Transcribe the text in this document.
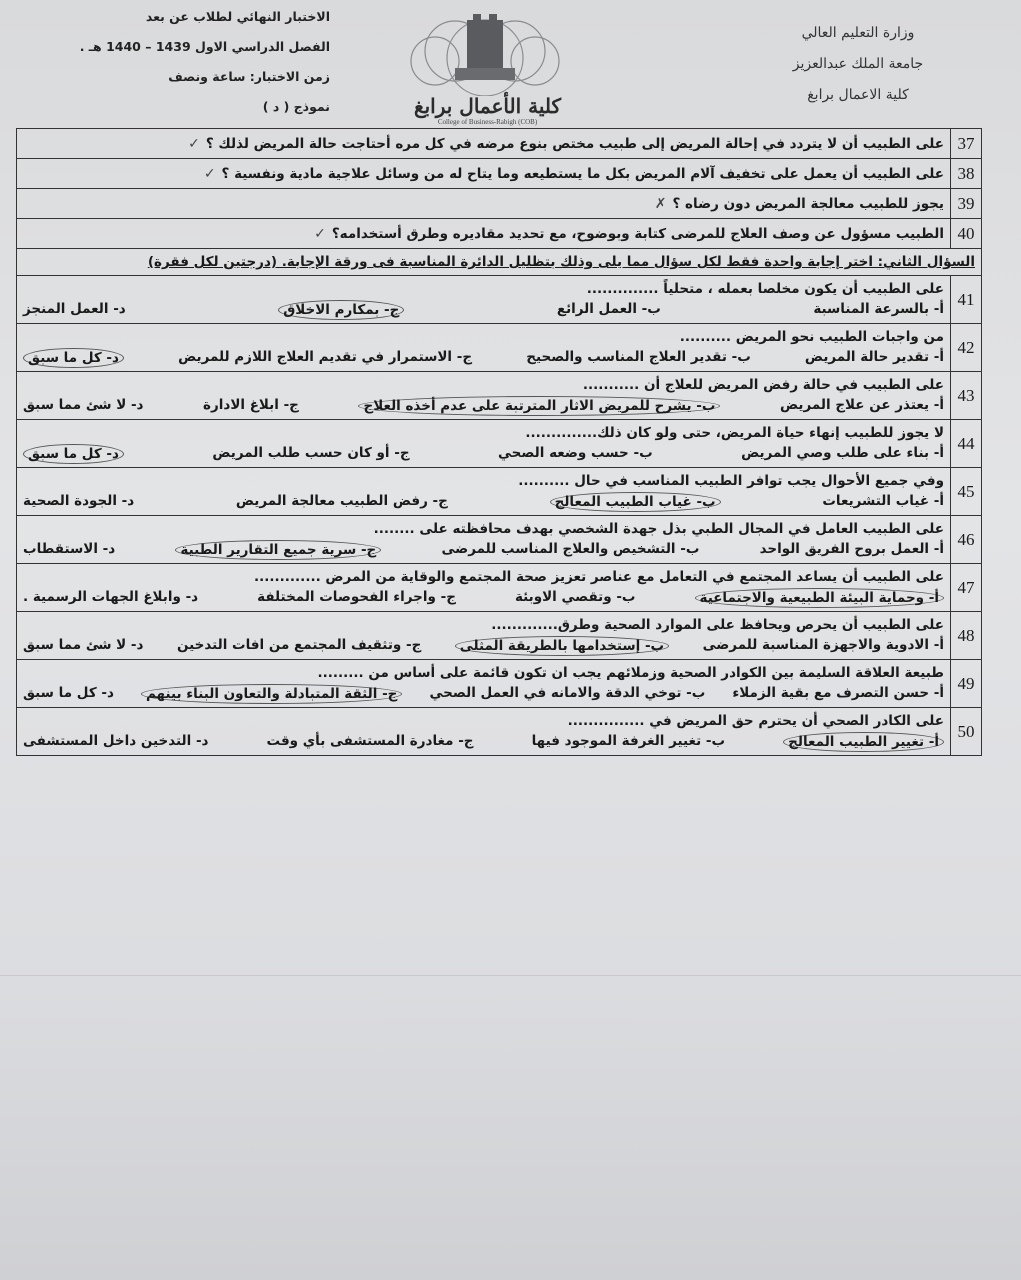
وزارة التعليم العالي
جامعة الملك عبدالعزيز
كلية الاعمال برابغ
كلية الأعمال برابغ
College of Business-Rabigh (COB)
الاختبار النهائي لطلاب عن بعد
الفصل الدراسي الاول 1439 – 1440 هـ .
زمن الاختبار: ساعة ونصف
نموذج ( د )
37	على الطبيب أن لا يتردد في إحالة المريض إلى طبيب مختص بنوع مرضه في كل مره أحتاجت حالة المريض لذلك ؟✓
38	على الطبيب أن يعمل على تخفيف آلام المريض بكل ما يستطيعه وما يتاح له من وسائل علاجية مادية ونفسية ؟✓
39	يجوز للطبيب معالجة المريض دون رضاه ؟✗
40	الطبيب مسؤول عن وصف العلاج للمرضى كتابة وبوضوح، مع تحديد مقاديره وطرق أستخدامه؟✓
السؤال الثاني: اختر إجابة واحدة فقط لكل سؤال مما يلى وذلك بتظليل الدائرة المناسبة فى ورقة الإجابة. (درجتين لكل فقرة)	
41	على الطبيب أن يكون مخلصا بعمله ، متحلياً ..............
أ- بالسرعة المناسبة
ب- العمل الرائع
ج- بمكارم الاخلاق
د- العمل المنجز

42	من واجبات الطبيب نحو المريض ..........
أ- تقدير حالة المريض
ب- تقدير العلاج المناسب والصحيح
ج- الاستمرار في تقديم العلاج اللازم للمريض
د- كل ما سبق

43	على الطبيب في حالة رفض المريض للعلاج أن ...........
أ- يعتذر عن علاج المريض
ب- يشرح للمريض الاثار المترتبة على عدم أخذه العلاج
ج- ابلاغ الادارة
د- لا شئ مما سبق

44	لا يجوز للطبيب إنهاء حياة المريض، حتى ولو كان ذلك..............
أ- بناء على طلب وصي المريض
ب- حسب وضعه الصحي
ج- أو كان حسب طلب المريض
د- كل ما سبق

45	وفي جميع الأحوال يجب توافر الطبيب المناسب في حال ..........
أ- غياب التشريعات
ب- غياب الطبيب المعالج
ج- رفض الطبيب معالجة المريض
د- الجودة الصحية

46	على الطبيب العامل في المجال الطبي بذل جهدة الشخصي بهدف محافظته على ........
أ- العمل بروح الفريق الواحد
ب- التشخيص والعلاج المناسب للمرضى
ج- سرية جميع التقارير الطبية
د- الاستقطاب

47	على الطبيب أن يساعد المجتمع في التعامل مع عناصر تعزيز صحة المجتمع والوقاية من المرض .............
أ- وحماية البيئة الطبيعية والاجتماعية
ب- وتقصي الاوبئة
ج- واجراء الفحوصات المختلفة
د- وابلاغ الجهات الرسمية .

48	على الطبيب أن يحرص ويحافظ على الموارد الصحية وطرق.............
أ- الادوية والاجهزة المناسبة للمرضى
ب- إستخدامها بالطريقة المثلى
ج- وتثقيف المجتمع من افات التدخين
د- لا شئ مما سبق

49	طبيعة العلاقة السليمة بين الكوادر الصحية وزملائهم يجب ان تكون قائمة على أساس من .........
أ- حسن التصرف مع بقية الزملاء
ب- توخي الدقة والامانه في العمل الصحي
ج- الثقة المتبادلة والتعاون البناء بينهم
د- كل ما سبق

50	على الكادر الصحي أن يحترم حق المريض في ...............
أ- تغيير الطبيب المعالج
ب- تغيير الغرفة الموجود فيها
ج- مغادرة المستشفى بأي وقت
د- التدخين داخل المستشفى
